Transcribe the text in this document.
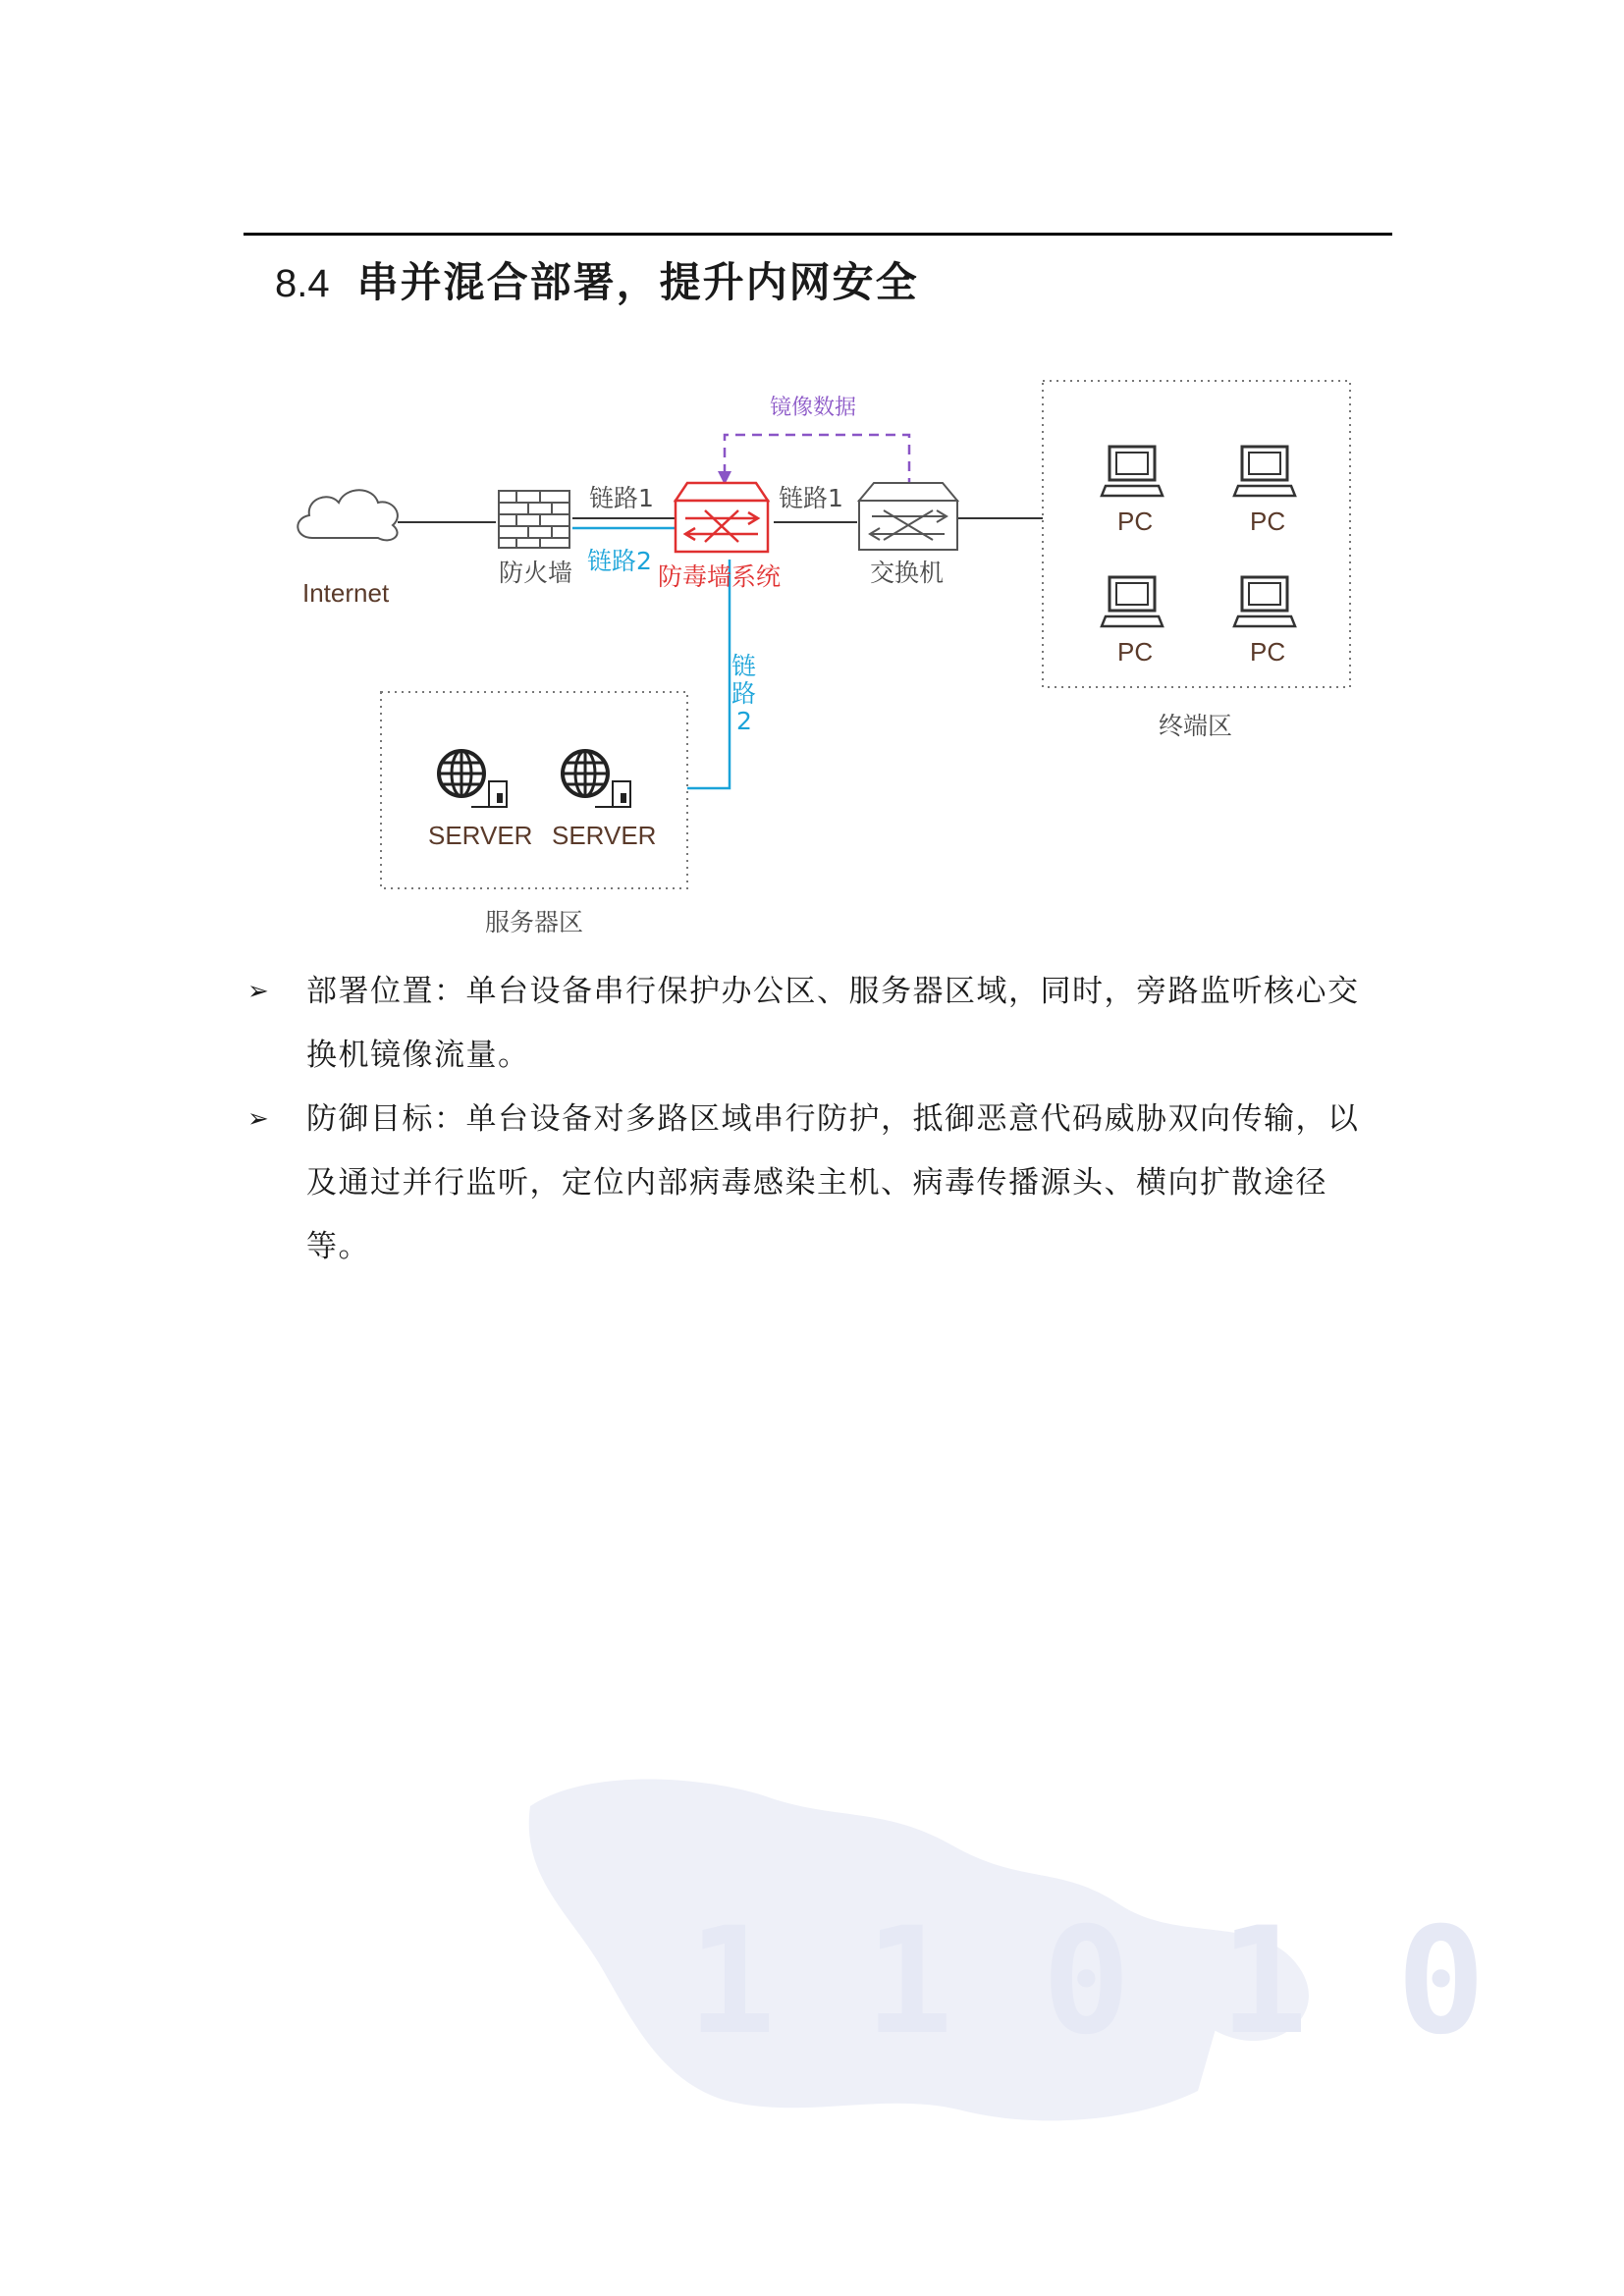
8.4 串并混合部署，提升内网安全
Internet
防火墙
链路1
链路2
链路1
镜像数据
防毒墙系统	交换机
链
路
2
PC	PC
PC	PC
终端区
SERVER SERVER
服务器区
➢	部署位置：单台设备串行保护办公区、服务器区域，同时，旁路监听核心交换机镜像流量。
➢	防御目标：单台设备对多路区域串行防护，抵御恶意代码威胁双向传输，以及通过并行监听，定位内部病毒感染主机、病毒传播源头、横向扩散途径等。
1 1 0 1 0
